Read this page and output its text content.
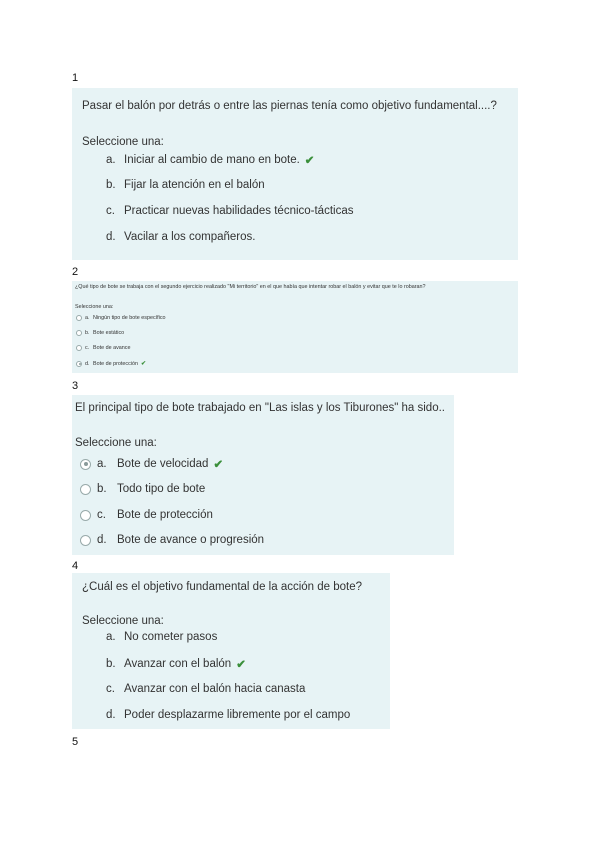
1
Pasar el balón por detrás o entre las piernas tenía como objetivo fundamental....?
Seleccione una:
a. Iniciar al cambio de mano en bote. ✔
b. Fijar la atención en el balón
c. Practicar nuevas habilidades técnico-tácticas
d. Vacilar a los compañeros.
2
¿Qué tipo de bote se trabaja con el segundo ejercicio realizado "Mi territorio" en el que había que intentar robar el balón y evitar que te lo robaran?
Seleccione una:
a. Ningún tipo de bote específico
b. Bote estático
c. Bote de avance
d. Bote de protección ✔
3
El principal tipo de bote trabajado en "Las islas y los Tiburones" ha sido..
Seleccione una:
a. Bote de velocidad ✔
b. Todo tipo de bote
c. Bote de protección
d. Bote de avance o progresión
4
¿Cuál es el objetivo fundamental de la acción de bote?
Seleccione una:
a. No cometer pasos
b. Avanzar con el balón ✔
c. Avanzar con el balón hacia canasta
d. Poder desplazarme libremente por el campo
5
